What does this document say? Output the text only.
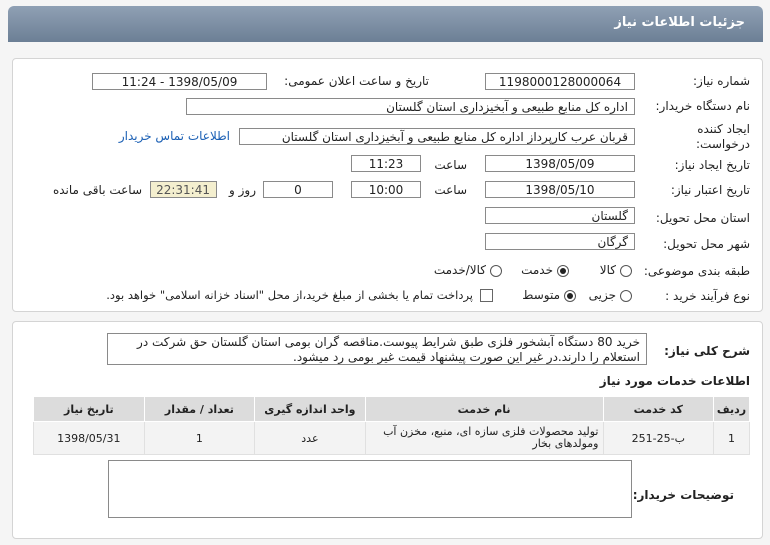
جزئیات اطلاعات نیاز
شماره نیاز:
1198000128000064
تاریخ و ساعت اعلان عمومی:
1398/05/09 - 11:24
نام دستگاه خریدار:
اداره کل منابع طبیعی و آبخیزداری استان گلستان
ایجاد کننده
درخواست:
قربان عرب کارپرداز اداره کل منابع طبیعی و آبخیزداری استان گلستان
اطلاعات تماس خریدار
تاریخ ایجاد نیاز:
1398/05/09
ساعت
11:23
تاریخ اعتبار نیاز:
1398/05/10
ساعت
10:00
0
روز و
22:31:41
ساعت باقی مانده
استان محل تحویل:
گلستان
شهر محل تحویل:
گرگان
طبقه بندی موضوعی:
کالا
خدمت
کالا/خدمت
نوع فرآیند خرید :
جزیی
متوسط
پرداخت تمام یا بخشی از مبلغ خرید،از محل "اسناد خزانه اسلامی" خواهد بود.
شرح کلی نیاز:
خرید 80 دستگاه آبشخور فلزی طبق شرایط پیوست.مناقصه گران بومی استان گلستان حق شرکت در استعلام را دارند.در غیر این صورت پیشنهاد قیمت غیر بومی رد میشود.
اطلاعات خدمات مورد نیاز
ردیف	کد خدمت	نام خدمت	واحد اندازه گیری	تعداد / مقدار	تاریخ نیاز
1	ب-25-251	تولید محصولات فلزی سازه ای، منبع، مخزن آب ومولدهای بخار	عدد	1	1398/05/31
توضیحات خریدار:
